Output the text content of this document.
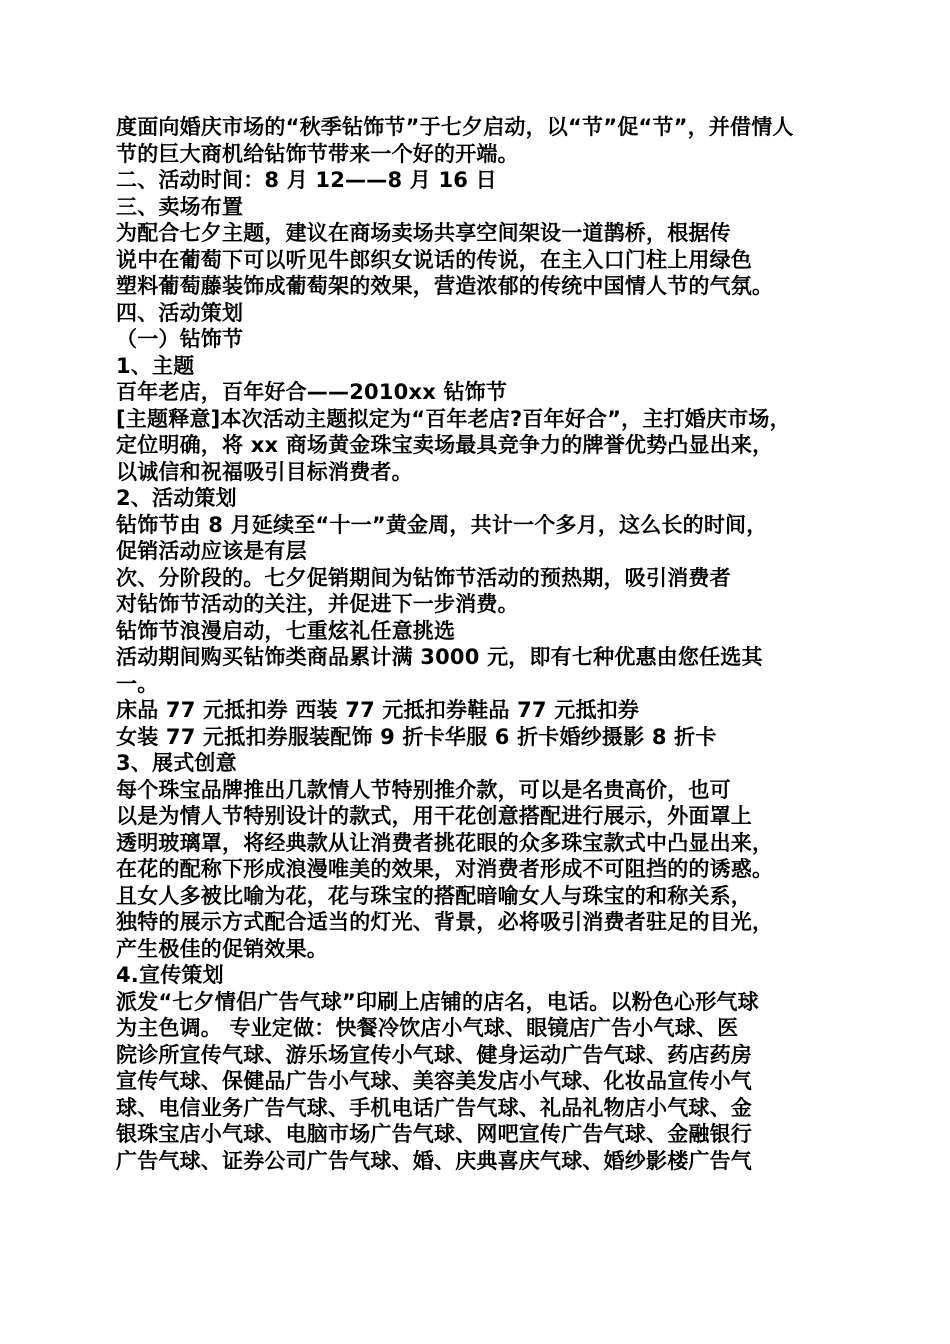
度面向婚庆市场的“秋季钻饰节”于七夕启动，以“节”促“节”，并借情人
节的巨大商机给钻饰节带来一个好的开端。
二、活动时间：8 月 12——8 月 16 日
三、卖场布置
为配合七夕主题，建议在商场卖场共享空间架设一道鹊桥，根据传
说中在葡萄下可以听见牛郎织女说话的传说，在主入口门柱上用绿色
塑料葡萄藤装饰成葡萄架的效果，营造浓郁的传统中国情人节的气氛。
四、活动策划
（一）钻饰节
1、主题
百年老店，百年好合——2010xx 钻饰节
[主题释意]本次活动主题拟定为“百年老店?百年好合”，主打婚庆市场，
定位明确，将 xx 商场黄金珠宝卖场最具竞争力的牌誉优势凸显出来，
以诚信和祝福吸引目标消费者。
2、活动策划
钻饰节由 8 月延续至“十一”黄金周，共计一个多月，这么长的时间，
促销活动应该是有层
次、分阶段的。七夕促销期间为钻饰节活动的预热期，吸引消费者
对钻饰节活动的关注，并促进下一步消费。
钻饰节浪漫启动，七重炫礼任意挑选
活动期间购买钻饰类商品累计满 3000 元，即有七种优惠由您任选其
一。
床品 77 元抵扣券 西装 77 元抵扣券鞋品 77 元抵扣券
女装 77 元抵扣券服装配饰 9 折卡华服 6 折卡婚纱摄影 8 折卡
3、展式创意
每个珠宝品牌推出几款情人节特别推介款，可以是名贵高价，也可
以是为情人节特别设计的款式，用干花创意搭配进行展示，外面罩上
透明玻璃罩，将经典款从让消费者挑花眼的众多珠宝款式中凸显出来，
在花的配称下形成浪漫唯美的效果，对消费者形成不可阻挡的的诱惑。
且女人多被比喻为花，花与珠宝的搭配暗喻女人与珠宝的和称关系，
独特的展示方式配合适当的灯光、背景，必将吸引消费者驻足的目光，
产生极佳的促销效果。
4.宣传策划
派发“七夕情侣广告气球”印刷上店铺的店名，电话。以粉色心形气球
为主色调。 专业定做：快餐冷饮店小气球、眼镜店广告小气球、医
院诊所宣传气球、游乐场宣传小气球、健身运动广告气球、药店药房
宣传气球、保健品广告小气球、美容美发店小气球、化妆品宣传小气
球、电信业务广告气球、手机电话广告气球、礼品礼物店小气球、金
银珠宝店小气球、电脑市场广告气球、网吧宣传广告气球、金融银行
广告气球、证券公司广告气球、婚、庆典喜庆气球、婚纱影楼广告气
